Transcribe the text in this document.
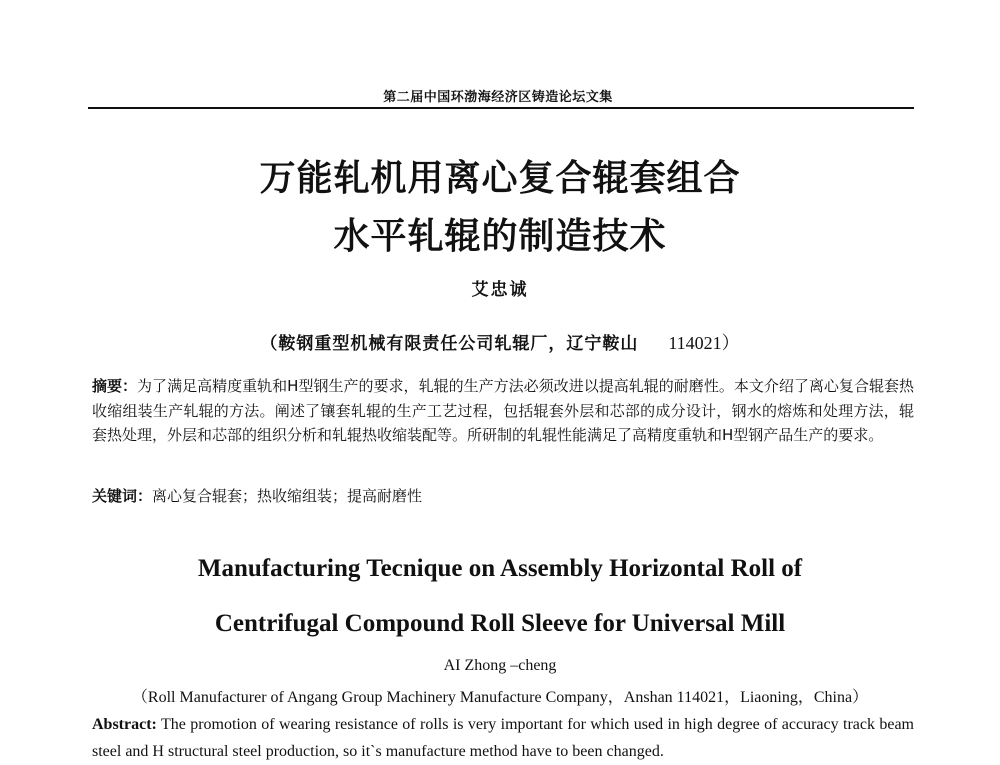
第二届中国环渤海经济区铸造论坛文集
万能轧机用离心复合辊套组合
水平轧辊的制造技术
艾忠诚
（鞍钢重型机械有限责任公司轧辊厂，辽宁鞍山 114021）
摘要：为了满足高精度重轨和H型钢生产的要求，轧辊的生产方法必须改进以提高轧辊的耐磨性。本文介绍了离心复合辊套热收缩组装生产轧辊的方法。阐述了镶套轧辊的生产工艺过程，包括辊套外层和芯部的成分设计，钢水的熔炼和处理方法，辊套热处理，外层和芯部的组织分析和轧辊热收缩装配等。所研制的轧辊性能满足了高精度重轨和H型钢产品生产的要求。
关键词：离心复合辊套；热收缩组装；提高耐磨性
Manufacturing Tecnique on Assembly Horizontal Roll of
Centrifugal Compound Roll Sleeve for Universal Mill
AI Zhong –cheng
（Roll Manufacturer of Angang Group Machinery Manufacture Company，Anshan 114021，Liaoning，China）
Abstract: The promotion of wearing resistance of rolls is very important for which used in high degree of accuracy track beam steel and H structural steel production, so it`s manufacture method have to been changed.
